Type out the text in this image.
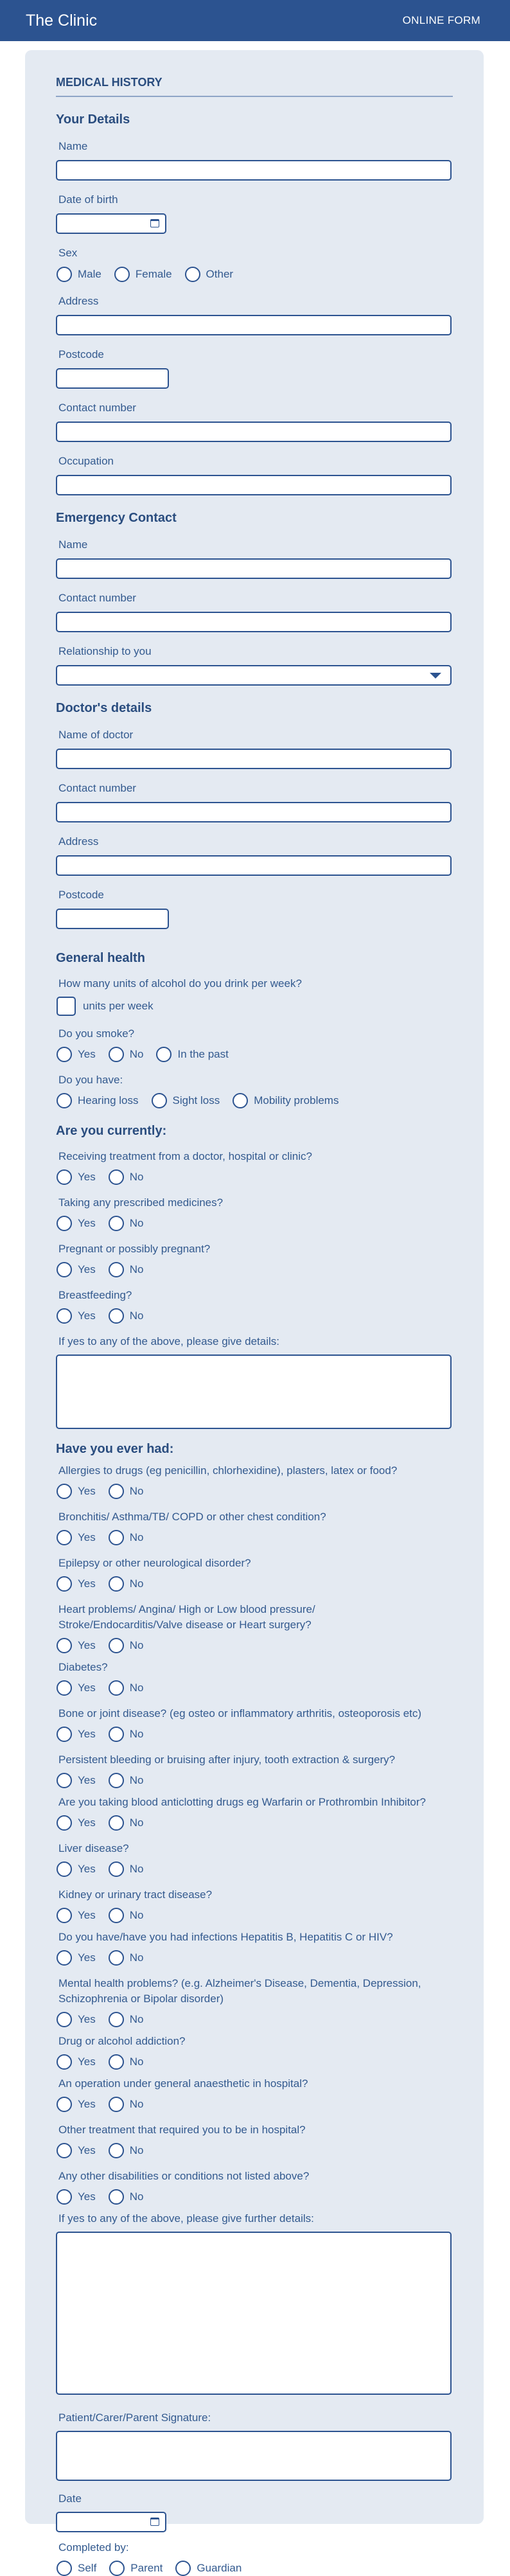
The Clinic	ONLINE FORM
MEDICAL HISTORY
Your Details
Name
Date of birth
Sex
Male	Female	Other
Address
Postcode
Contact number
Occupation
Emergency Contact
Name
Contact number
Relationship to you
Doctor's details
Name of doctor
Contact number
Address
Postcode
General health
How many units of alcohol do you drink per week?
units per week
Do you smoke?
Yes	No	In the past
Do you have:
Hearing loss	Sight loss	Mobility problems
Are you currently:
Receiving treatment from a doctor, hospital or clinic?
Yes	No
Taking any prescribed medicines?
Yes	No
Pregnant or possibly pregnant?
Yes	No
Breastfeeding?
Yes	No
If yes to any of the above, please give details:
Have you ever had:
Allergies to drugs (eg penicillin, chlorhexidine), plasters, latex or food?
Yes	No
Bronchitis/ Asthma/TB/ COPD or other chest condition?
Yes	No
Epilepsy or other neurological disorder?
Yes	No
Heart problems/ Angina/ High or Low blood pressure/
Stroke/Endocarditis/Valve disease or Heart surgery?
Yes	No
Diabetes?
Yes	No
Bone or joint disease? (eg osteo or inflammatory arthritis, osteoporosis etc)
Yes	No
Persistent bleeding or bruising after injury, tooth extraction & surgery?
Yes	No
Are you taking blood anticlotting drugs eg Warfarin or Prothrombin Inhibitor?
Yes	No
Liver disease?
Yes	No
Kidney or urinary tract disease?
Yes	No
Do you have/have you had infections Hepatitis B, Hepatitis C or HIV?
Yes	No
Mental health problems? (e.g. Alzheimer's Disease, Dementia, Depression,
Schizophrenia or Bipolar disorder)
Yes	No
Drug or alcohol addiction?
Yes	No
An operation under general anaesthetic in hospital?
Yes	No
Other treatment that required you to be in hospital?
Yes	No
Any other disabilities or conditions not listed above?
Yes	No
If yes to any of the above, please give further details:
Patient/Carer/Parent Signature:
Date
Completed by:
Self	Parent	Guardian
